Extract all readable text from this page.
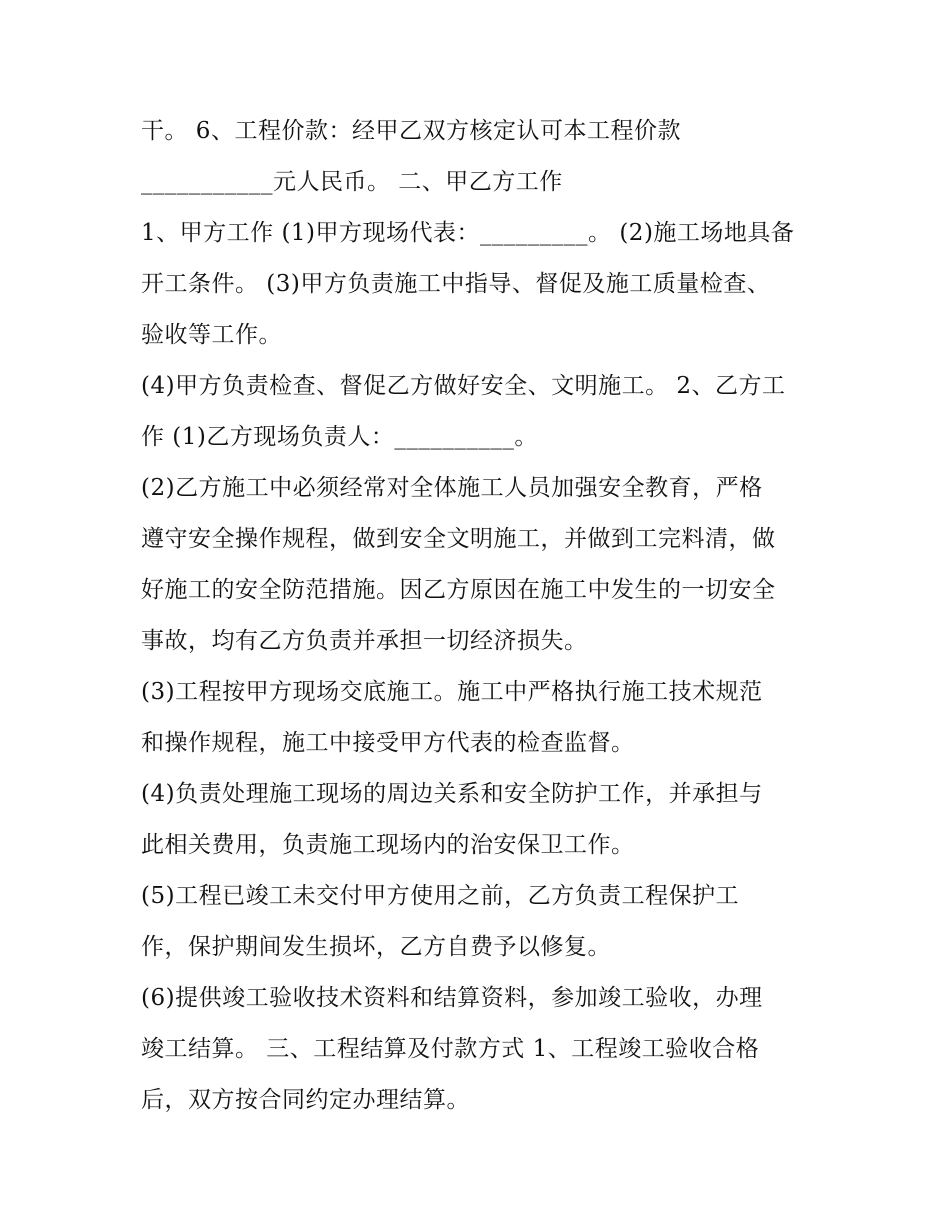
干。 6、工程价款：经甲乙双方核定认可本工程价款
___________元人民币。 二、甲乙方工作
1、甲方工作 (1)甲方现场代表：_________。 (2)施工场地具备
开工条件。 (3)甲方负责施工中指导、督促及施工质量检查、
验收等工作。
(4)甲方负责检查、督促乙方做好安全、文明施工。 2、乙方工
作 (1)乙方现场负责人：__________。
(2)乙方施工中必须经常对全体施工人员加强安全教育，严格
遵守安全操作规程，做到安全文明施工，并做到工完料清，做
好施工的安全防范措施。因乙方原因在施工中发生的一切安全
事故，均有乙方负责并承担一切经济损失。
(3)工程按甲方现场交底施工。施工中严格执行施工技术规范
和操作规程，施工中接受甲方代表的检查监督。
(4)负责处理施工现场的周边关系和安全防护工作，并承担与
此相关费用，负责施工现场内的治安保卫工作。
(5)工程已竣工未交付甲方使用之前，乙方负责工程保护工
作，保护期间发生损坏，乙方自费予以修复。
(6)提供竣工验收技术资料和结算资料，参加竣工验收，办理
竣工结算。 三、工程结算及付款方式 1、工程竣工验收合格
后，双方按合同约定办理结算。
